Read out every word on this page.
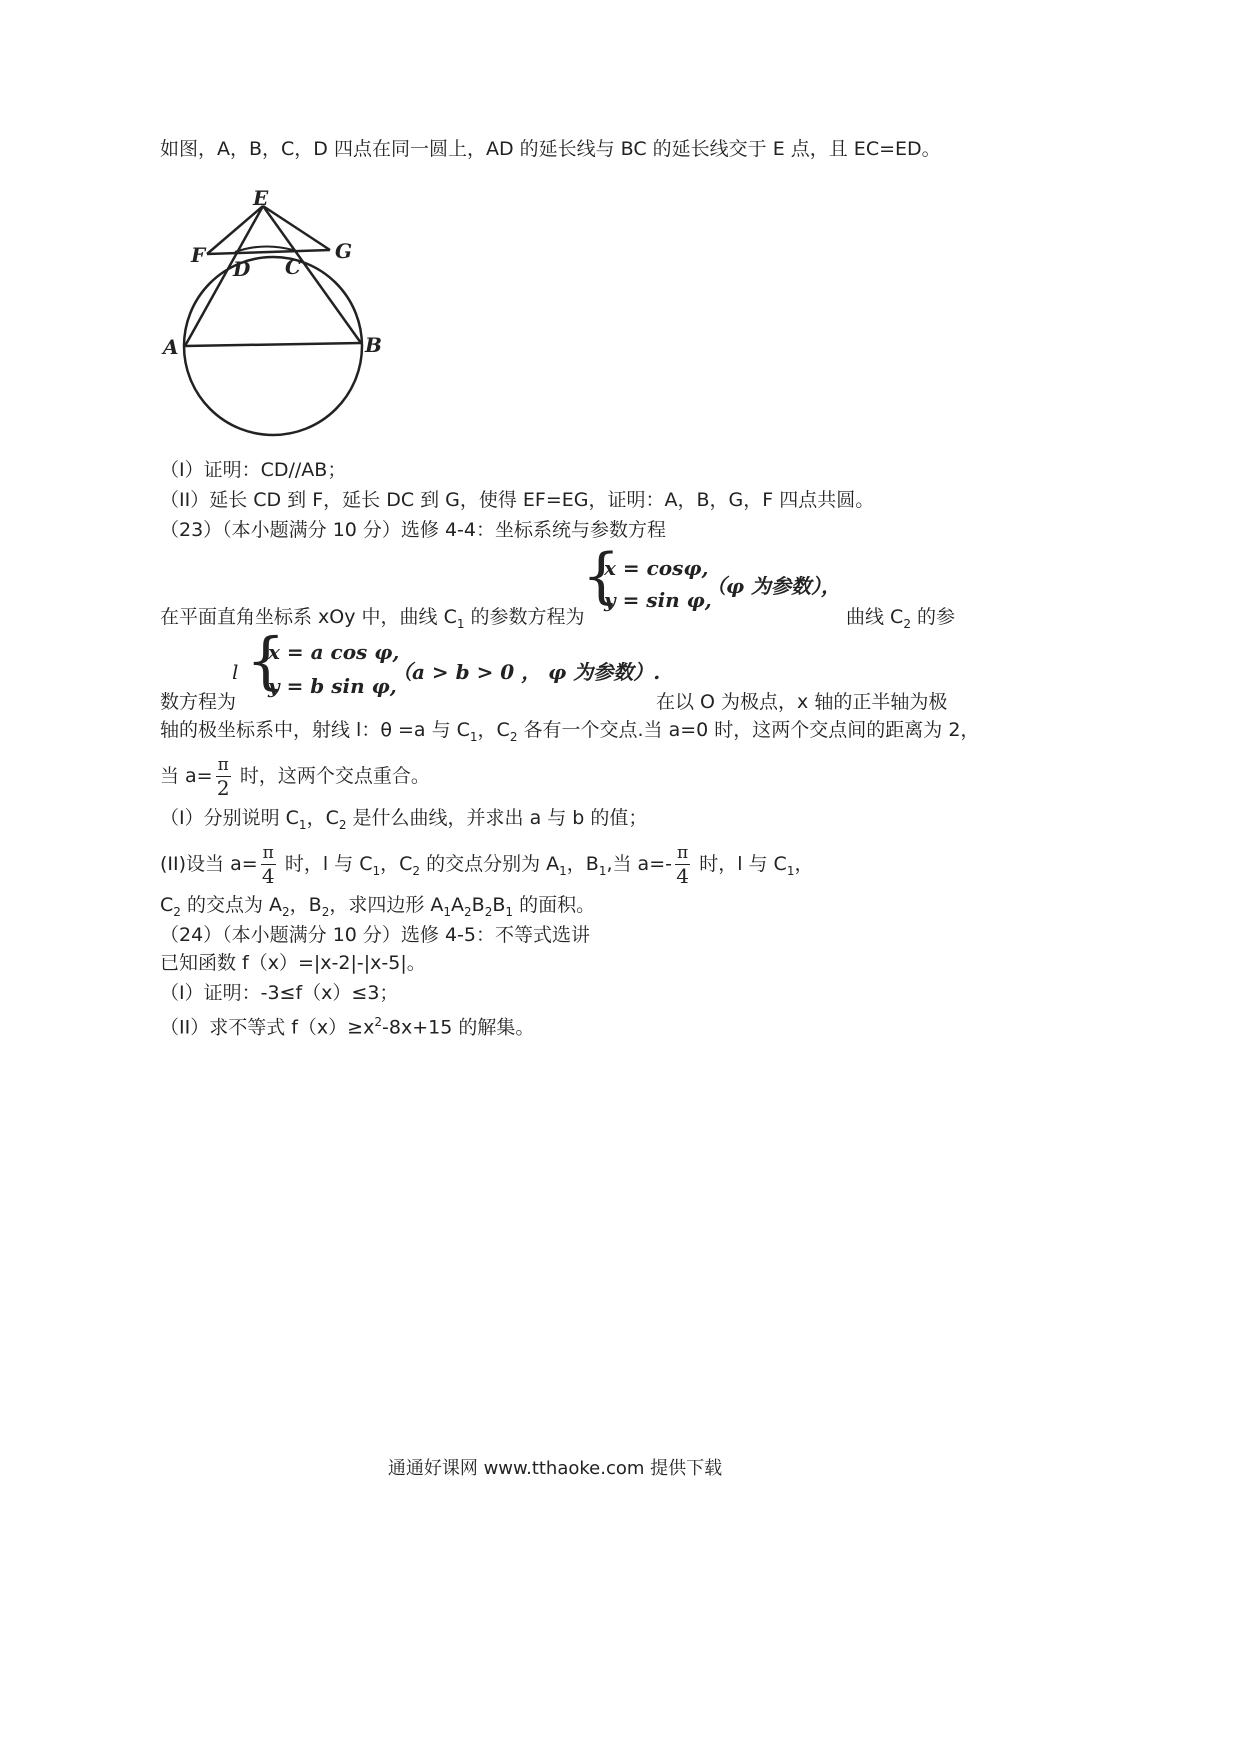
如图，A，B，C，D 四点在同一圆上，AD 的延长线与 BC 的延长线交于 E 点，且 EC=ED。
E
F	G
D C
A	B
（I）证明：CD//AB；
（II）延长 CD 到 F，延长 DC 到 G，使得 EF=EG，证明：A，B，G，F 四点共圆。
（23）（本小题满分 10 分）选修 4-4：坐标系统与参数方程
{
x = cosφ,
y = sin φ,
（φ 为参数），
在平面直角坐标系 xOy 中，曲线 $C_1$ 的参数方程为	曲线 $C_2$ 的参
l {
x = a cos φ,
y = b sin φ,
（a > b > 0 ， φ 为参数）.
数方程为	在以 O 为极点，x 轴的正半轴为极
轴的极坐标系中，射线 l：θ =a 与 $C_1$，$C_2$ 各有一个交点.当 a=0 时，这两个交点间的距离为 2，
当 $a= \frac{\pi}{2}$ 时，这两个交点重合。
（I）分别说明 $C_1$，$C_2$ 是什么曲线，并求出 a 与 b 的值；
(II)设当 $a= \frac{\pi}{4}$ 时，l 与 $C_1$，$C_2$ 的交点分别为 $A_1$，$B_1$,当 $a=- \frac{\pi}{4}$ 时，l 与 $C_1$，
$C_2$ 的交点为 $A_2$，$B_2$，求四边形 $A_1A_2B_2B_1$ 的面积。
（24）（本小题满分 10 分）选修 4-5：不等式选讲
已知函数 f（x）=|x-2|-|x-5|。
（I）证明：-3≤f（x）≤3；
（II）求不等式 $f(x)\ge x^2-8x+15$ 的解集。
通通好课网 www.tthaoke.com 提供下载
